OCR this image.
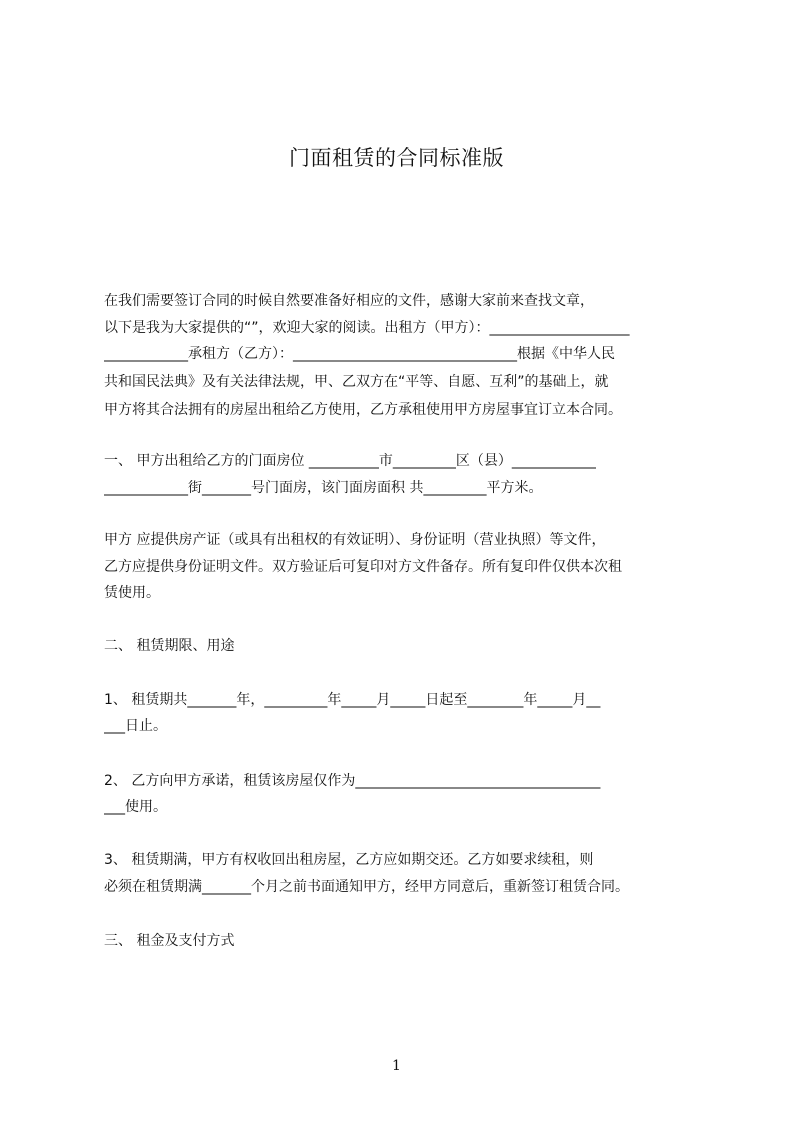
门面租赁的合同标准版
在我们需要签订合同的时候自然要准备好相应的文件，感谢大家前来查找文章，
以下是我为大家提供的“”，欢迎大家的阅读。出租方（甲方）：____________________
____________承租方（乙方）：________________________________根据《中华人民
共和国民法典》及有关法律法规，甲、乙双方在“平等、自愿、互利”的基础上，就
甲方将其合法拥有的房屋出租给乙方使用，乙方承租使用甲方房屋事宜订立本合同。
一、 甲方出租给乙方的门面房位 __________市_________区（县）____________
____________街_______号门面房，该门面房面积 共_________平方米。
甲方 应提供房产证（或具有出租权的有效证明）、身份证明（营业执照）等文件，
乙方应提供身份证明文件。双方验证后可复印对方文件备存。所有复印件仅供本次租
赁使用。
二、 租赁期限、用途
1、 租赁期共_______年，_________年_____月_____日起至________年_____月__
___日止。
2、 乙方向甲方承诺，租赁该房屋仅作为___________________________________
___使用。
3、 租赁期满，甲方有权收回出租房屋，乙方应如期交还。乙方如要求续租，则
必须在租赁期满_______个月之前书面通知甲方，经甲方同意后，重新签订租赁合同。
三、 租金及支付方式
1
